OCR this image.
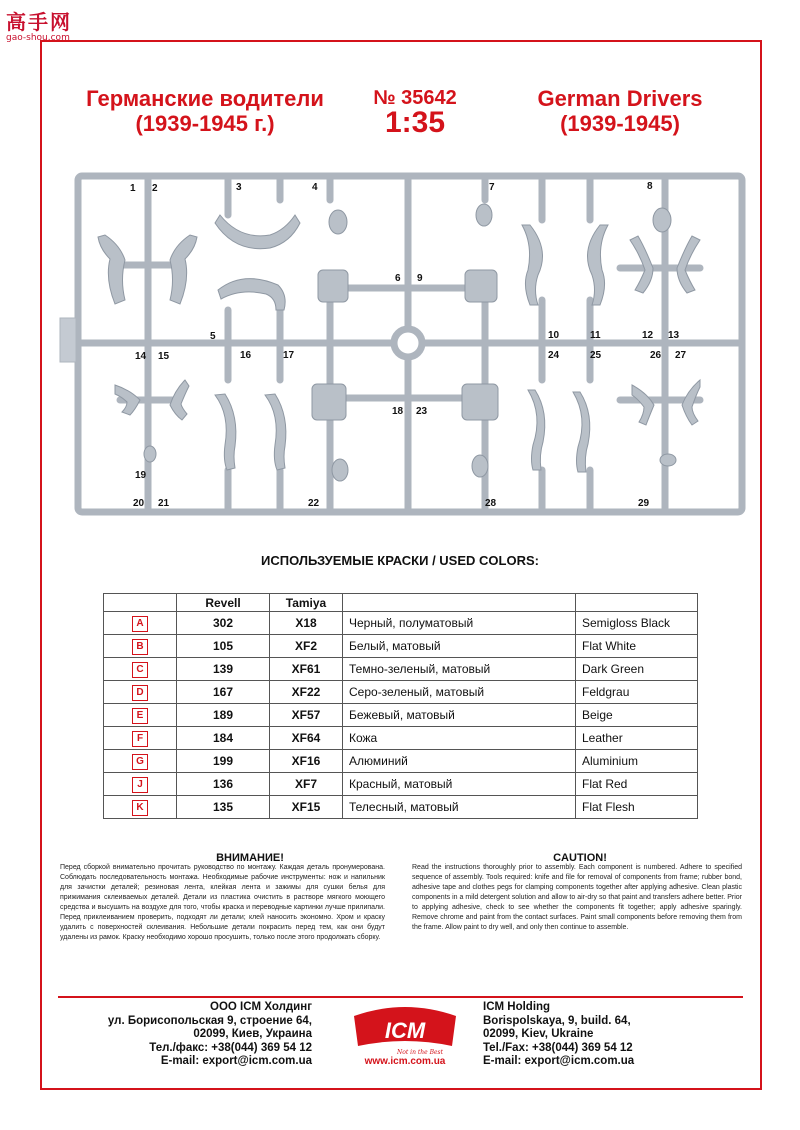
高手网
gao-shou.com
Германские водители
(1939-1945 г.)
№ 35642
1:35
German Drivers
(1939-1945)
1 2	3	4
5
6 9
7	8
10	11	12 13
14 15	16	17
18 23
24	25	26 27
19
20 21	22	28	29
ИСПОЛЬЗУЕМЫЕ КРАСКИ / USED COLORS:
	Revell	Tamiya		
A	302	X18	Черный, полуматовый	Semigloss Black
B	105	XF2	Белый, матовый	Flat White
C	139	XF61	Темно-зеленый, матовый	Dark Green
D	167	XF22	Серо-зеленый, матовый	Feldgrau
E	189	XF57	Бежевый, матовый	Beige
F	184	XF64	Кожа	Leather
G	199	XF16	Алюминий	Aluminium
J	136	XF7	Красный, матовый	Flat Red
K	135	XF15	Телесный, матовый	Flat Flesh
ВНИМАНИЕ!
Перед сборкой внимательно прочитать руководство по монтажу. Каждая деталь пронумерована. Соблюдать последовательность монтажа. Необходимые рабочие инструменты: нож и напильник для зачистки деталей; резиновая лента, клейкая лента и зажимы для сушки белья для прижимания склеиваемых деталей. Детали из пластика очистить в растворе мягкого моющего средства и высушить на воздухе для того, чтобы краска и переводные картинки лучше прилипали. Перед приклеиванием проверить, подходят ли детали; клей наносить экономно. Хром и краску удалить с поверхностей склеивания. Небольшие детали покрасить перед тем, как они будут удалены из рамок. Краску необходимо хорошо просушить, только после этого продолжать сборку.
CAUTION!
Read the instructions thoroughly prior to assembly. Each component is numbered. Adhere to specified sequence of assembly. Tools required: knife and file for removal of components from frame; rubber bond, adhesive tape and clothes pegs for clamping components together after applying adhesive. Clean plastic components in a mild detergent solution and allow to air-dry so that paint and transfers adhere better. Prior to applying adhesive, check to see whether the components fit together; apply adhesive sparingly. Remove chrome and paint from the contact surfaces. Paint small components before removing them from the frame. Allow paint to dry well, and only then continue to assemble.
ООО ICM Холдинг
ул. Борисопольская 9, строение 64,
02099, Киев, Украина
Тел./факс: +38(044) 369 54 12
E-mail: export@icm.com.ua
ICM
Not in the Best
www.icm.com.ua
ICM Holding
Borispolskaya, 9, build. 64,
02099, Kiev, Ukraine
Tel./Fax: +38(044) 369 54 12
E-mail: export@icm.com.ua
